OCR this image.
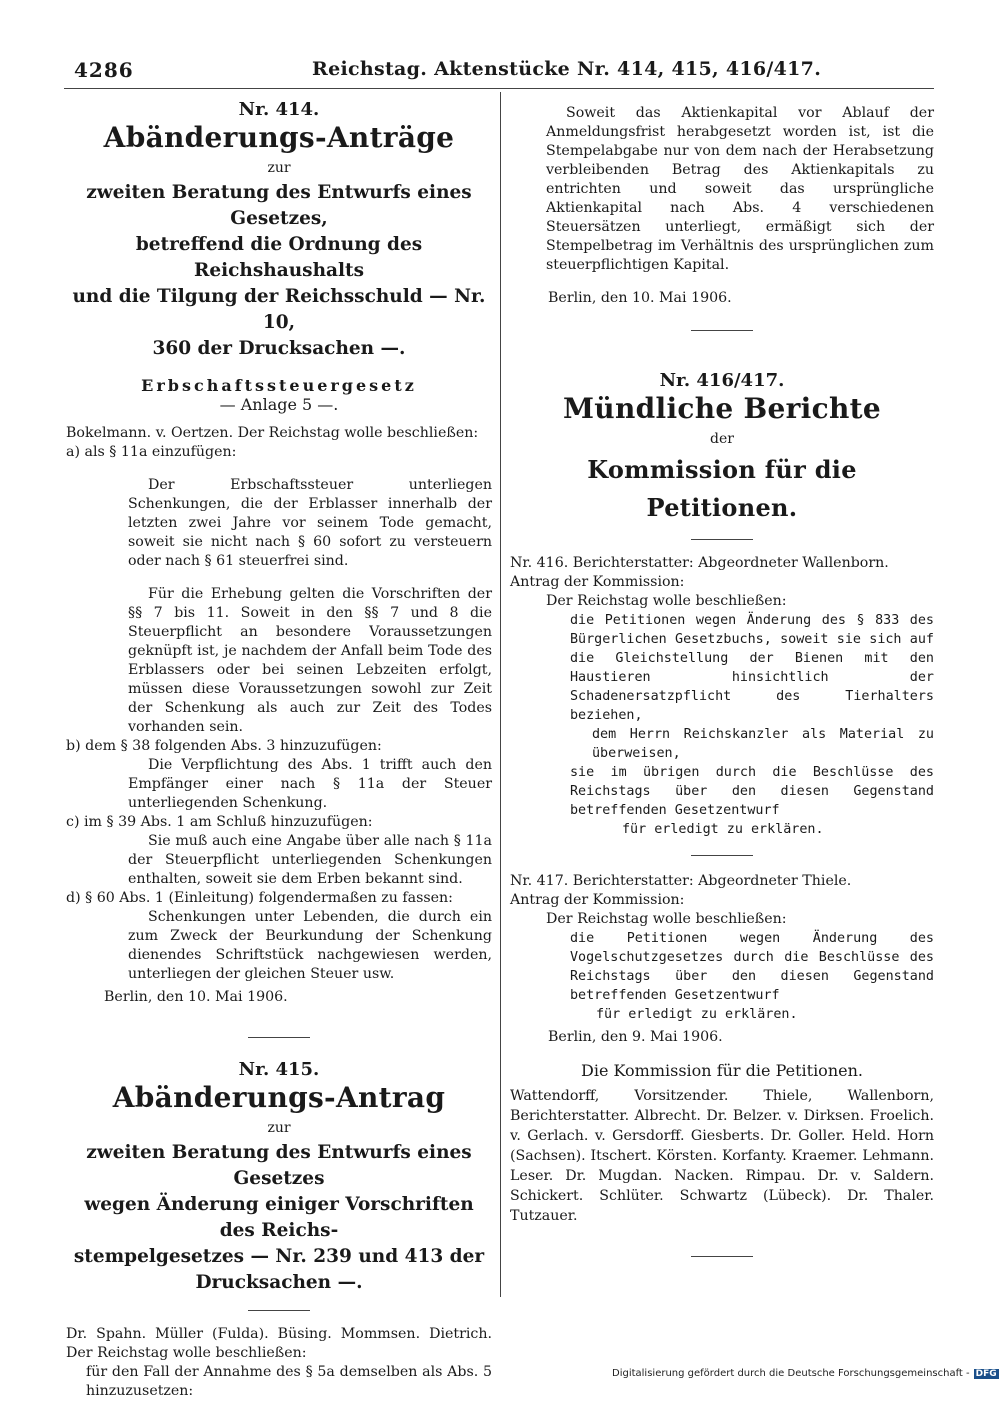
4286	Reichstag. Aktenstücke Nr. 414, 415, 416/417.
Nr. 414.
Abänderungs-Anträge
zur
zweiten Beratung des Entwurfs eines Gesetzes,
betreffend die Ordnung des Reichshaushalts
und die Tilgung der Reichsschuld — Nr. 10,
360 der Drucksachen —.
Erbschaftssteuergesetz
— Anlage 5 —.

Bokelmann. v. Oertzen. Der Reichstag wolle beschließen:

a) als § 11a einzufügen:

Der Erbschaftssteuer unterliegen Schenkungen, die der Erblasser innerhalb der letzten zwei Jahre vor seinem Tode gemacht, soweit sie nicht nach § 60 sofort zu versteuern oder nach § 61 steuerfrei sind.

Für die Erhebung gelten die Vorschriften der §§ 7 bis 11. Soweit in den §§ 7 und 8 die Steuerpflicht an besondere Voraussetzungen geknüpft ist, je nachdem der Anfall beim Tode des Erblassers oder bei seinen Lebzeiten erfolgt, müssen diese Voraussetzungen sowohl zur Zeit der Schenkung als auch zur Zeit des Todes vorhanden sein.

b) dem § 38 folgenden Abs. 3 hinzuzufügen:

Die Verpflichtung des Abs. 1 trifft auch den Empfänger einer nach § 11a der Steuer unterliegenden Schenkung.

c) im § 39 Abs. 1 am Schluß hinzuzufügen:

Sie muß auch eine Angabe über alle nach § 11a der Steuerpflicht unterliegenden Schenkungen enthalten, soweit sie dem Erben bekannt sind.

d) § 60 Abs. 1 (Einleitung) folgendermaßen zu fassen:

Schenkungen unter Lebenden, die durch ein zum Zweck der Beurkundung der Schenkung dienendes Schriftstück nachgewiesen werden, unterliegen der gleichen Steuer usw.

Berlin, den 10. Mai 1906.
Nr. 415.
Abänderungs-Antrag
zur
zweiten Beratung des Entwurfs eines Gesetzes
wegen Änderung einiger Vorschriften des Reichs-
stempelgesetzes — Nr. 239 und 413 der
Drucksachen —.

Dr. Spahn. Müller (Fulda). Büsing. Mommsen. Dietrich. Der Reichstag wolle beschließen:

für den Fall der Annahme des § 5a demselben als Abs. 5 hinzuzusetzen:

Soweit das Aktienkapital vor Ablauf der Anmeldungsfrist herabgesetzt worden ist, ist die Stempelabgabe nur von dem nach der Herabsetzung verbleibenden Betrag des Aktienkapitals zu entrichten und soweit das ursprüngliche Aktienkapital nach Abs. 4 verschiedenen Steuersätzen unterliegt, ermäßigt sich der Stempelbetrag im Verhältnis des ursprünglichen zum steuerpflichtigen Kapital.

Berlin, den 10. Mai 1906.
Nr. 416/417.
Mündliche Berichte
der
Kommission für die Petitionen.

Nr. 416. Berichterstatter: Abgeordneter Wallenborn.

Antrag der Kommission:

Der Reichstag wolle beschließen:

die Petitionen wegen Änderung des § 833 des Bürgerlichen Gesetzbuchs, soweit sie sich auf die Gleichstellung der Bienen mit den Haustieren hinsichtlich der Schadenersatzpflicht des Tierhalters beziehen,

dem Herrn Reichskanzler als Material zu überweisen,

sie im übrigen durch die Beschlüsse des Reichstags über den diesen Gegenstand betreffenden Gesetzentwurf

für erledigt zu erklären.

Nr. 417. Berichterstatter: Abgeordneter Thiele.

Antrag der Kommission:

Der Reichstag wolle beschließen:

die Petitionen wegen Änderung des Vogelschutzgesetzes durch die Beschlüsse des Reichstags über den diesen Gegenstand betreffenden Gesetzentwurf

für erledigt zu erklären.

Berlin, den 9. Mai 1906.
Die Kommission für die Petitionen.

Wattendorff, Vorsitzender. Thiele, Wallenborn, Berichterstatter. Albrecht. Dr. Belzer. v. Dirksen. Froelich. v. Gerlach. v. Gersdorff. Giesberts. Dr. Goller. Held. Horn (Sachsen). Itschert. Körsten. Korfanty. Kraemer. Lehmann. Leser. Dr. Mugdan. Nacken. Rimpau. Dr. v. Saldern. Schickert. Schlüter. Schwartz (Lübeck). Dr. Thaler. Tutzauer.

Digitalisierung gefördert durch die Deutsche Forschungsgemeinschaft - DFG
